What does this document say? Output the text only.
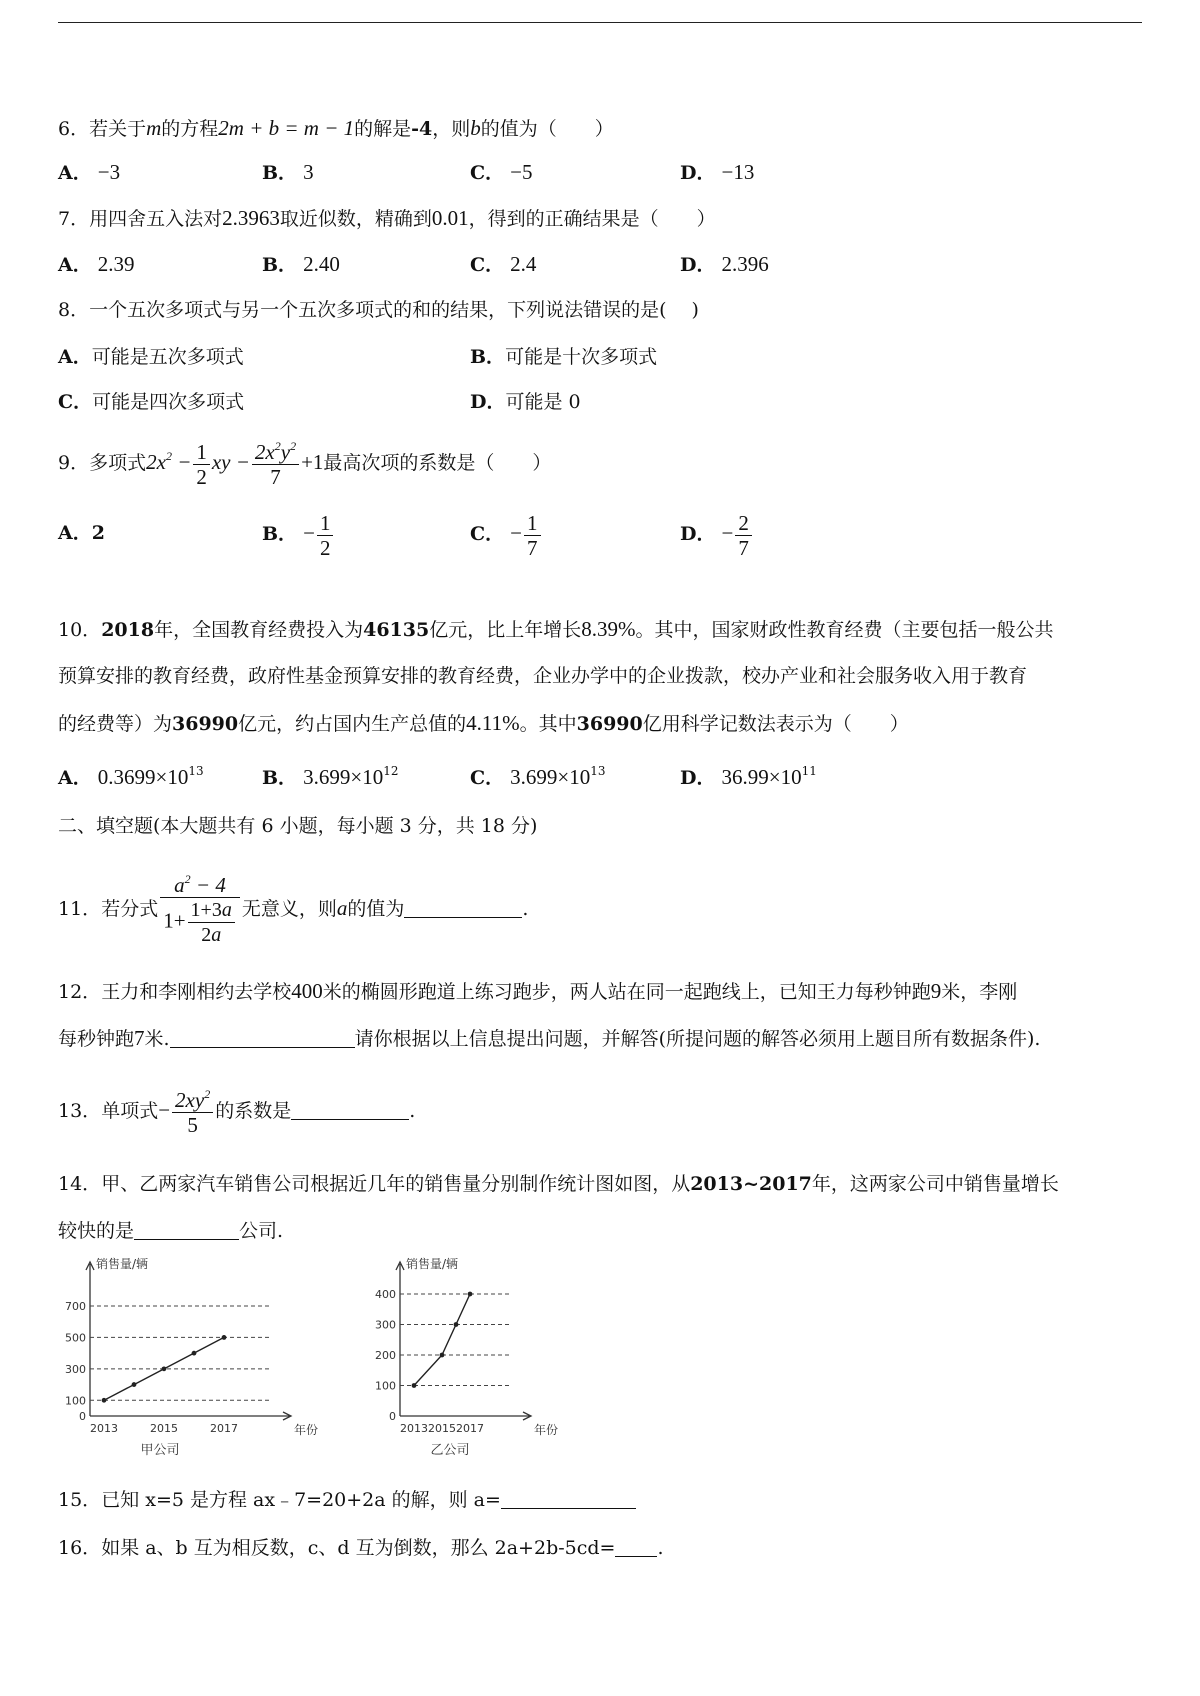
6．若关于m的方程2m + b = m − 1的解是-4，则b的值为（　　）
A． −3	B． 3	C． −5	D． −13
7．用四舍五入法对2.3963取近似数，精确到0.01，得到的正确结果是（　　）
A． 2.39	B． 2.40	C． 2.4	D． 2.396
8．一个五次多项式与另一个五次多项式的和的结果，下列说法错误的是(　 )
A．可能是五次多项式	B．可能是十次多项式
C．可能是四次多项式	D．可能是 0
9．多项式$2x^2 - \frac{1}{2}$ xy − $\frac{2x^2y^2}{7} +1$最高次项的系数是（　　）
A．2	B． − $\frac{1}{2}$	C． − $\frac{1}{7}$	D． − $\frac{2}{7}$
10．2018年，全国教育经费投入为46135亿元，比上年增长8.39%。其中，国家财政性教育经费（主要包括一般公共
预算安排的教育经费，政府性基金预算安排的教育经费，企业办学中的企业拨款，校办产业和社会服务收入用于教育
的经费等）为36990亿元，约占国内生产总值的4.11%。其中36990亿用科学记数法表示为（　　）
A． $0.3699\times 10^{13}$	B． $3.699\times 10^{12}$	C． $3.699\times 10^{13}$	D． $36.99\times 10^{11}$
二、填空题(本大题共有 6 小题，每小题 3 分，共 18 分)
11．若分式 $\frac{a^2 - 4}{1+ \frac{1+3a}{2a}}$ 无意义，则a的值为	.
12．王力和李刚相约去学校400米的椭圆形跑道上练习跑步，两人站在同一起跑线上，已知王力每秒钟跑9米，李刚
每秒钟跑7米.	请你根据以上信息提出问题，并解答(所提问题的解答必须用上题目所有数据条件).
13．单项式− $\frac{2xy^2}{5}$ 的系数是	.
14．甲、乙两家汽车销售公司根据近几年的销售量分别制作统计图如图，从2013~2017年，这两家公司中销售量增长
较快的是	公司.
0
100
300
500
700
2013	2015	2017
销售量/辆
年份
甲公司
0
100
200
300
400
2013 2015 2017
销售量/辆
年份
乙公司
15．已知 x=5 是方程 ax﹣7=20+2a 的解，则 a=
16．如果 a、b 互为相反数，c、d 互为倒数，那么 2a+2b-5cd= .
